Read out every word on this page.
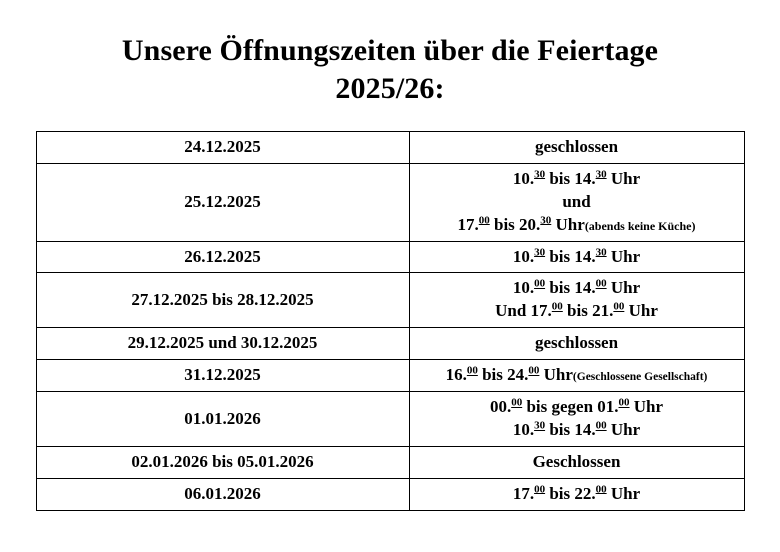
Unsere Öffnungszeiten über die Feiertage
2025/26:
24.12.2025	geschlossen

25.12.2025	10.30 bis 14.30 Uhr
und
17.00 bis 20.30 Uhr(abends keine Küche)

26.12.2025	10.30 bis 14.30 Uhr

27.12.2025 bis 28.12.2025	10.00 bis 14.00 Uhr
Und 17.00 bis 21.00 Uhr

29.12.2025 und 30.12.2025	geschlossen

31.12.2025	16.00 bis 24.00 Uhr(Geschlossene Gesellschaft)

01.01.2026	00.00 bis gegen 01.00 Uhr
10.30 bis 14.00 Uhr

02.01.2026 bis 05.01.2026	Geschlossen

06.01.2026	17.00 bis 22.00 Uhr
